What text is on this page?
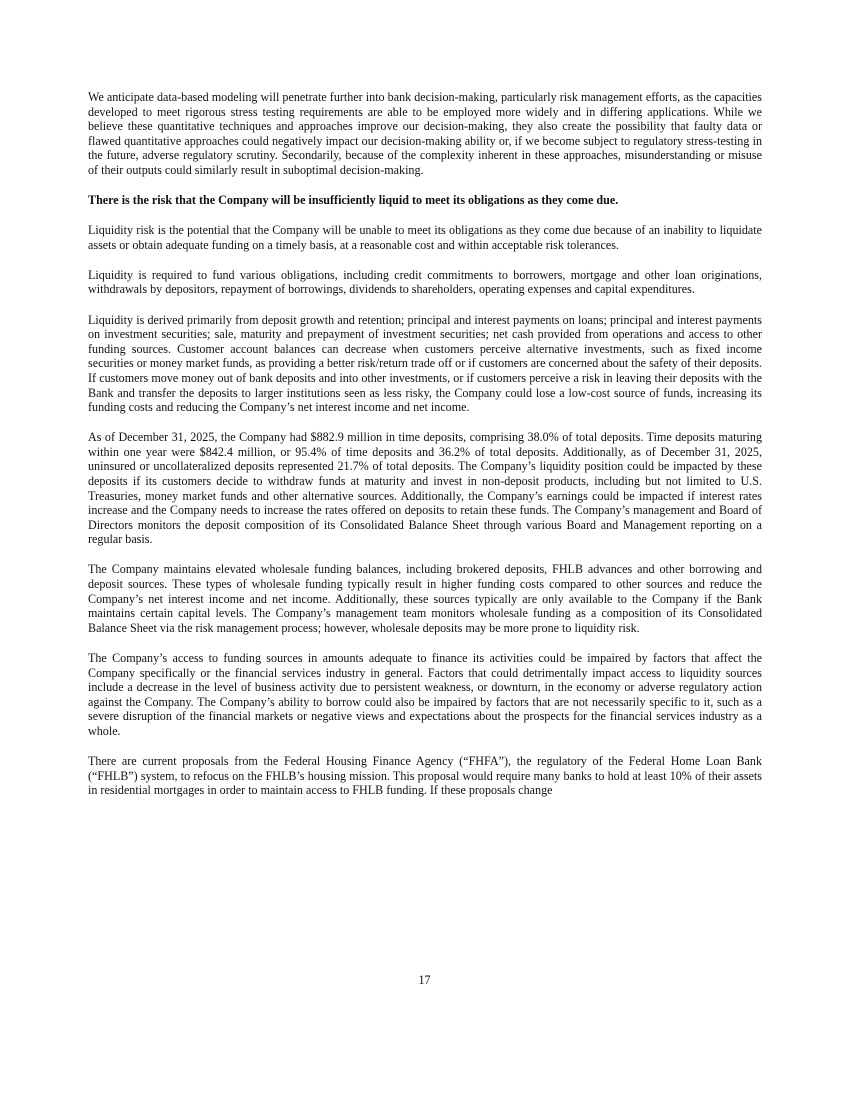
We anticipate data-based modeling will penetrate further into bank decision-making, particularly risk management efforts, as the capacities developed to meet rigorous stress testing requirements are able to be employed more widely and in differing applications. While we believe these quantitative techniques and approaches improve our decision-making, they also create the possibility that faulty data or flawed quantitative approaches could negatively impact our decision-making ability or, if we become subject to regulatory stress-testing in the future, adverse regulatory scrutiny. Secondarily, because of the complexity inherent in these approaches, misunderstanding or misuse of their outputs could similarly result in suboptimal decision-making.

There is the risk that the Company will be insufficiently liquid to meet its obligations as they come due.

Liquidity risk is the potential that the Company will be unable to meet its obligations as they come due because of an inability to liquidate assets or obtain adequate funding on a timely basis, at a reasonable cost and within acceptable risk tolerances.

Liquidity is required to fund various obligations, including credit commitments to borrowers, mortgage and other loan originations, withdrawals by depositors, repayment of borrowings, dividends to shareholders, operating expenses and capital expenditures.

Liquidity is derived primarily from deposit growth and retention; principal and interest payments on loans; principal and interest payments on investment securities; sale, maturity and prepayment of investment securities; net cash provided from operations and access to other funding sources. Customer account balances can decrease when customers perceive alternative investments, such as fixed income securities or money market funds, as providing a better risk/return trade off or if customers are concerned about the safety of their deposits. If customers move money out of bank deposits and into other investments, or if customers perceive a risk in leaving their deposits with the Bank and transfer the deposits to larger institutions seen as less risky, the Company could lose a low-cost source of funds, increasing its funding costs and reducing the Company’s net interest income and net income.

As of December 31, 2025, the Company had $882.9 million in time deposits, comprising 38.0% of total deposits. Time deposits maturing within one year were $842.4 million, or 95.4% of time deposits and 36.2% of total deposits. Additionally, as of December 31, 2025, uninsured or uncollateralized deposits represented 21.7% of total deposits. The Company’s liquidity position could be impacted by these deposits if its customers decide to withdraw funds at maturity and invest in non-deposit products, including but not limited to U.S. Treasuries, money market funds and other alternative sources. Additionally, the Company’s earnings could be impacted if interest rates increase and the Company needs to increase the rates offered on deposits to retain these funds. The Company’s management and Board of Directors monitors the deposit composition of its Consolidated Balance Sheet through various Board and Management reporting on a regular basis.

The Company maintains elevated wholesale funding balances, including brokered deposits, FHLB advances and other borrowing and deposit sources. These types of wholesale funding typically result in higher funding costs compared to other sources and reduce the Company’s net interest income and net income. Additionally, these sources typically are only available to the Company if the Bank maintains certain capital levels. The Company’s management team monitors wholesale funding as a composition of its Consolidated Balance Sheet via the risk management process; however, wholesale deposits may be more prone to liquidity risk.

The Company’s access to funding sources in amounts adequate to finance its activities could be impaired by factors that affect the Company specifically or the financial services industry in general. Factors that could detrimentally impact access to liquidity sources include a decrease in the level of business activity due to persistent weakness, or downturn, in the economy or adverse regulatory action against the Company. The Company’s ability to borrow could also be impaired by factors that are not necessarily specific to it, such as a severe disruption of the financial markets or negative views and expectations about the prospects for the financial services industry as a whole.

There are current proposals from the Federal Housing Finance Agency (“FHFA”), the regulatory of the Federal Home Loan Bank (“FHLB”) system, to refocus on the FHLB’s housing mission. This proposal would require many banks to hold at least 10% of their assets in residential mortgages in order to maintain access to FHLB funding. If these proposals change

17
